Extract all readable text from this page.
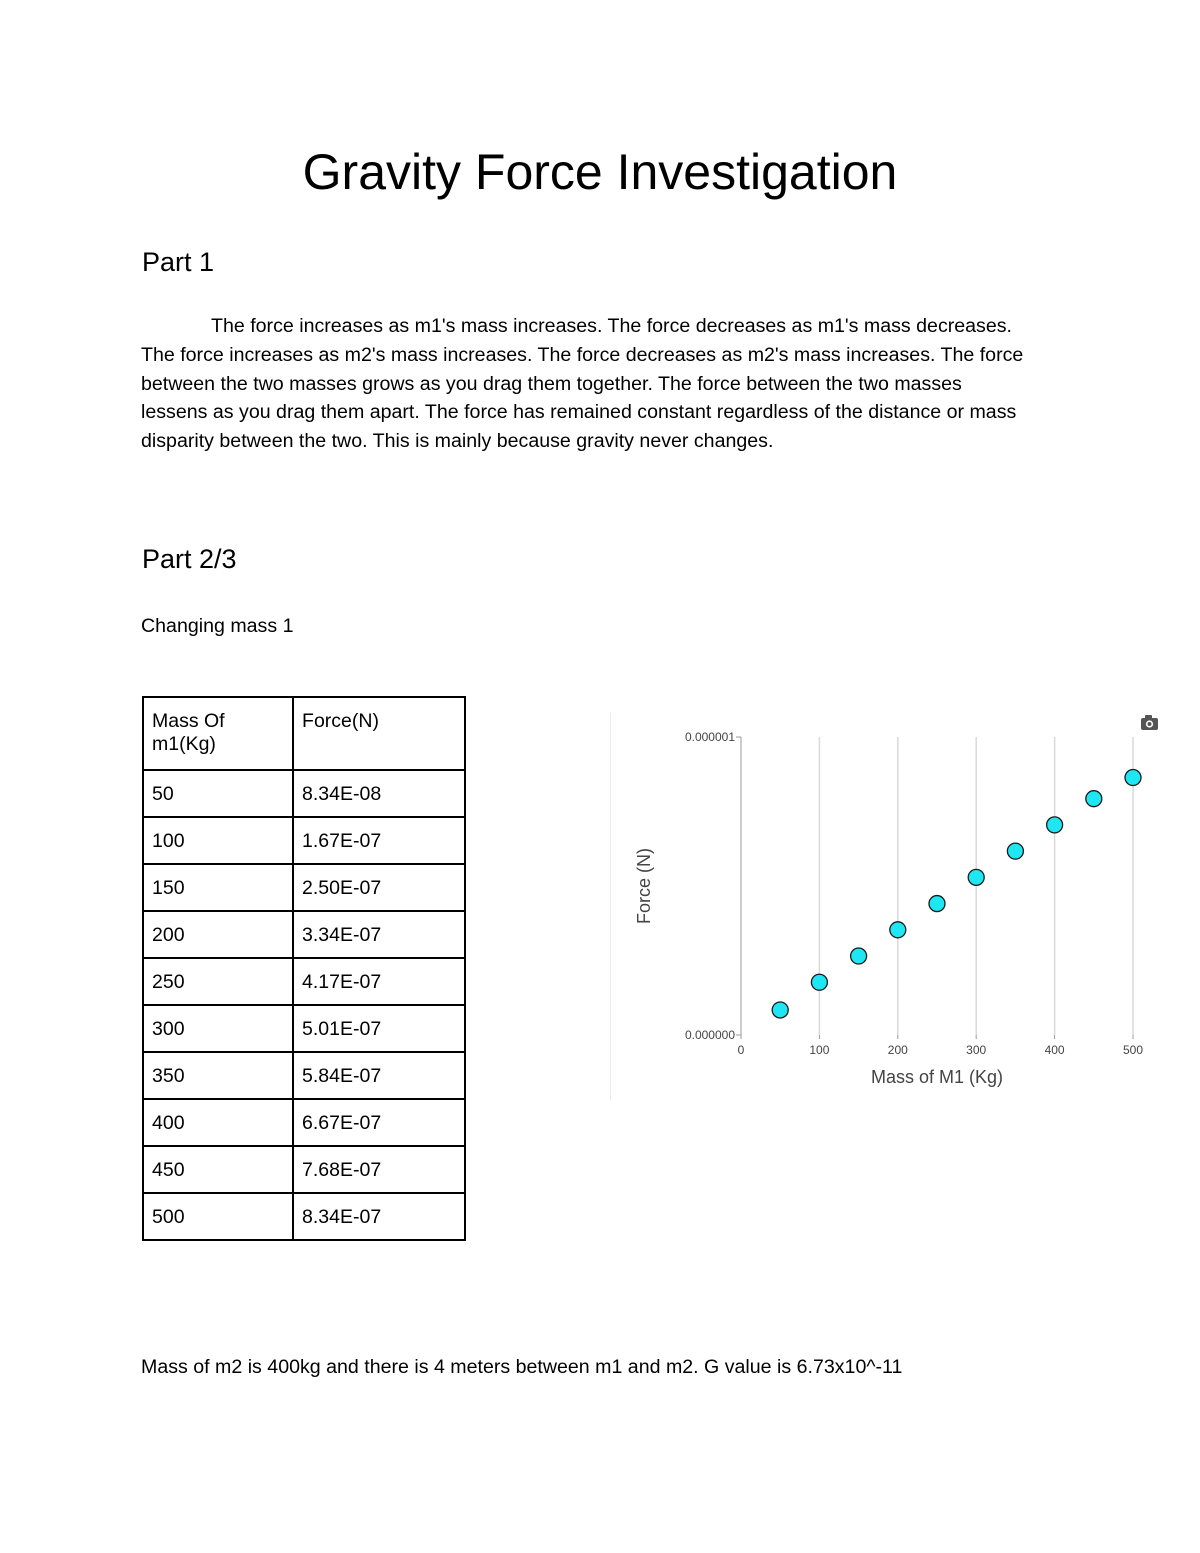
Gravity Force Investigation
Part 1

The force increases as m1's mass increases. The force decreases as m1's mass decreases. The force increases as m2's mass increases. The force decreases as m2's mass increases. The force between the two masses grows as you drag them together. The force between the two masses lessens as you drag them apart. The force has remained constant regardless of the distance or mass disparity between the two. This is mainly because gravity never changes.

Part 2/3

Changing mass 1

Mass Of m1(Kg)	Force(N)
50	8.34E-08
100	1.67E-07
150	2.50E-07
200	3.34E-07
250	4.17E-07
300	5.01E-07
350	5.84E-07
400	6.67E-07
450	7.68E-07
500	8.34E-07
0	100	200	300	400	500
0.000000
0.000001
Mass of M1 (Kg)
Force (N)

Mass of m2 is 400kg and there is 4 meters between m1 and m2. G value is 6.73x10^-11
